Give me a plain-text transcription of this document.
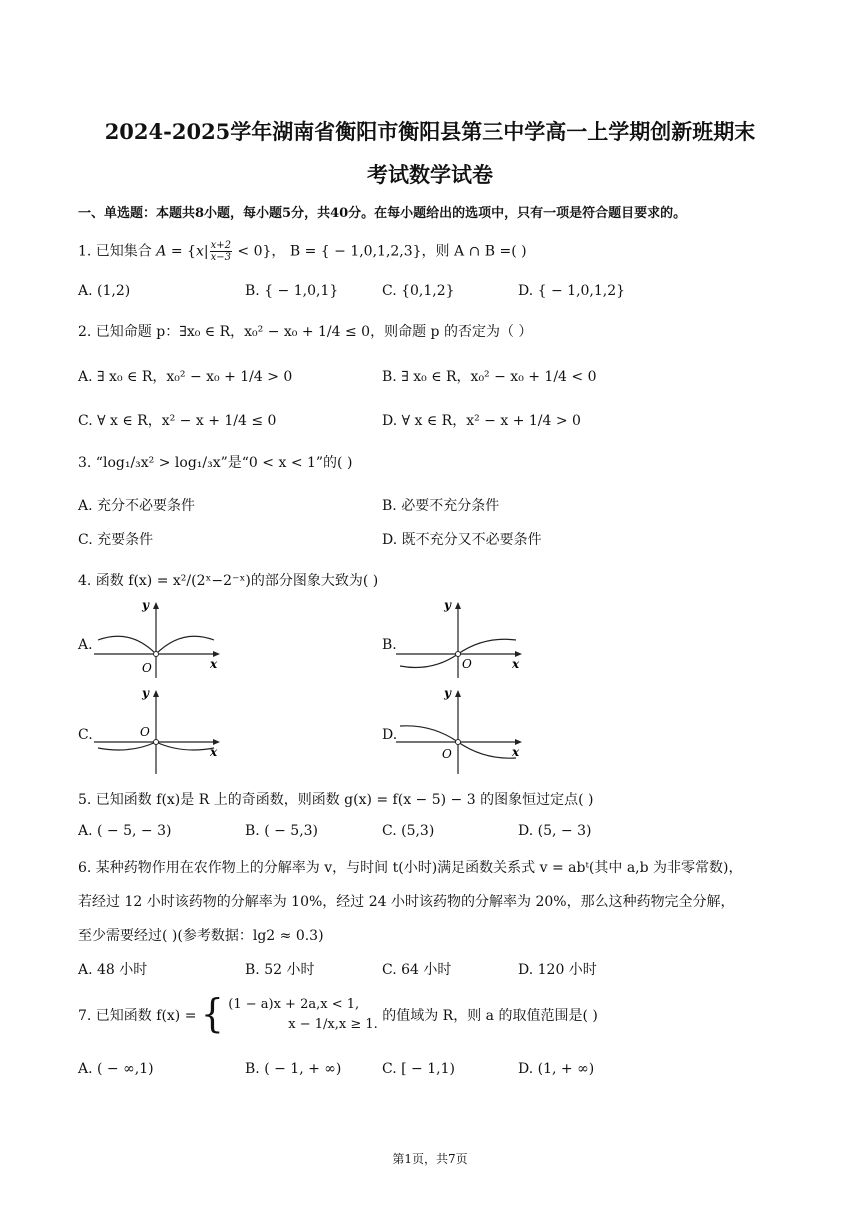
2024-2025学年湖南省衡阳市衡阳县第三中学高一上学期创新班期末
考试数学试卷
一、单选题：本题共8小题，每小题5分，共40分。在每小题给出的选项中，只有一项是符合题目要求的。
1. 已知集合 $A = \{x| \frac{x+2}{x-3} < 0\}$， B = { − 1,0,1,2,3}，则 A ∩ B =( )
A. (1,2)	B. { − 1,0,1}	C. {0,1,2}	D. { − 1,0,1,2}
2. 已知命题 p：∃x₀ ∈ R，x₀² − x₀ + 1/4 ≤ 0，则命题 p 的否定为（ ）
A. ∃ x₀ ∈ R，x₀² − x₀ + 1/4 > 0	B. ∃ x₀ ∈ R，x₀² − x₀ + 1/4 < 0
C. ∀ x ∈ R，x² − x + 1/4 ≤ 0	D. ∀ x ∈ R，x² − x + 1/4 > 0
3. “log₁/₃x² > log₁/₃x”是“0 < x < 1”的( )
A. 充分不必要条件	B. 必要不充分条件
C. 充要条件	D. 既不充分又不必要条件
4. 函数 f(x) = x²/(2ˣ−2⁻ˣ)的部分图象大致为( )
A.
y
O	x
B.
y
O	x
C.
y
O
x
D.
y
O	x
5. 已知函数 f(x)是 R 上的奇函数，则函数 g(x) = f(x − 5) − 3 的图象恒过定点( )
A. ( − 5, − 3)	B. ( − 5,3)	C. (5,3)	D. (5, − 3)
6. 某种药物作用在农作物上的分解率为 v，与时间 t(小时)满足函数关系式 v = abᵗ(其中 a,b 为非零常数)，
若经过 12 小时该药物的分解率为 10%，经过 24 小时该药物的分解率为 20%，那么这种药物完全分解，
至少需要经过( )(参考数据：lg2 ≈ 0.3)
A. 48 小时	B. 52 小时	C. 64 小时	D. 120 小时
7. 已知函数 f(x) = { (1 − a)x + 2a,x < 1,
x − 1/x,x ≥ 1.
的值域为 R，则 a 的取值范围是( )
A. ( − ∞,1)	B. ( − 1, + ∞)	C. [ − 1,1)	D. (1, + ∞)
第1页，共7页
